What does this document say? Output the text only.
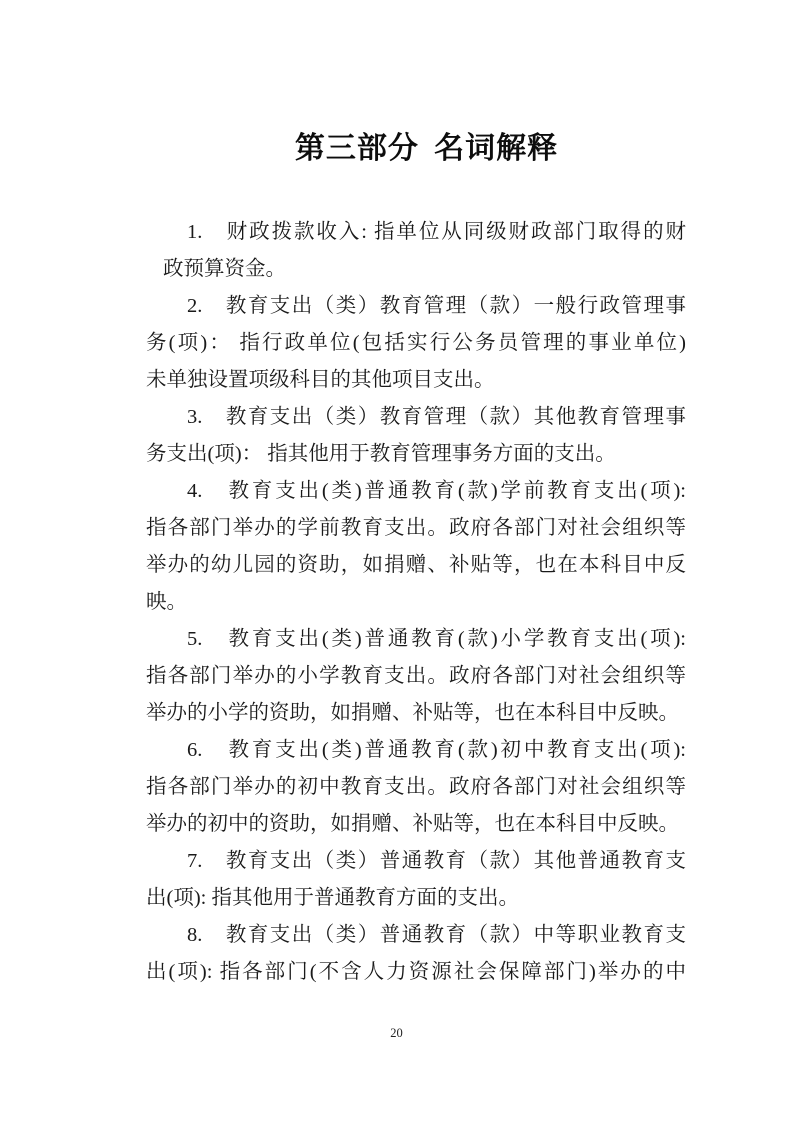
第三部分 名词解释
1.　财政拨款收入: 指单位从同级财政部门取得的财
政预算资金。
2.　教育支出（类）教育管理（款）一般行政管理事
务(项)： 指行政单位(包括实行公务员管理的事业单位)
未单独设置项级科目的其他项目支出。
3.　教育支出（类）教育管理（款）其他教育管理事
务支出(项)： 指其他用于教育管理事务方面的支出。
4.　教育支出(类)普通教育(款)学前教育支出(项):
指各部门举办的学前教育支出。政府各部门对社会组织等
举办的幼儿园的资助，如捐赠、补贴等，也在本科目中反
映。
5.　教育支出(类)普通教育(款)小学教育支出(项):
指各部门举办的小学教育支出。政府各部门对社会组织等
举办的小学的资助，如捐赠、补贴等，也在本科目中反映。
6.　教育支出(类)普通教育(款)初中教育支出(项):
指各部门举办的初中教育支出。政府各部门对社会组织等
举办的初中的资助，如捐赠、补贴等，也在本科目中反映。
7.　教育支出（类）普通教育（款）其他普通教育支
出(项): 指其他用于普通教育方面的支出。
8.　教育支出（类）普通教育（款）中等职业教育支
出(项): 指各部门(不含人力资源社会保障部门)举办的中
20
